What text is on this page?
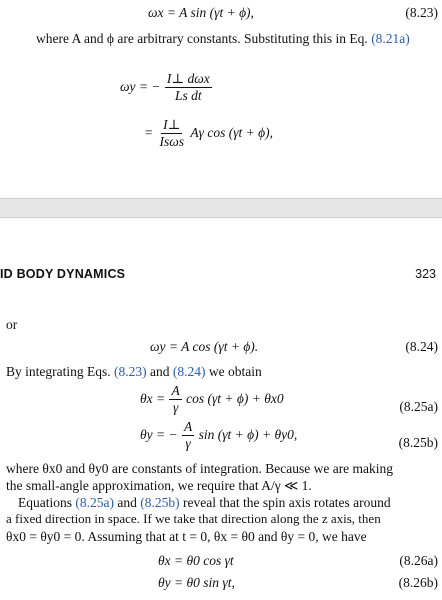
ωx = A sin (γt + ϕ),	(8.23)
where A and ϕ are arbitrary constants. Substituting this in Eq. (8.21a)
ωy = − $\frac{\text{I⊥ dωx}}{\text{Ls dt}}$
= $\frac{I\perp}{\text{Isωs}}$ Aγ cos (γt + ϕ),
ID BODY DYNAMICS	323
or
ωy = A cos (γt + ϕ).	(8.24)
By integrating Eqs. (8.23) and (8.24) we obtain
$\theta x = \frac{A}{\gamma}$ cos (γt + ϕ) + θx0
(8.25a)
θy = − $\frac{A}{\gamma}$ sin (γt + ϕ) + θy0,
(8.25b)
where θx0 and θy0 are constants of integration. Because we are making
the small-angle approximation, we require that A/γ ≪ 1.
Equations (8.25a) and (8.25b) reveal that the spin axis rotates around
a fixed direction in space. If we take that direction along the z axis, then
θx0 = θy0 = 0. Assuming that at t = 0, θx = θ0 and θy = 0, we have
θx = θ0 cos γt	(8.26a)
θy = θ0 sin γt,	(8.26b)
